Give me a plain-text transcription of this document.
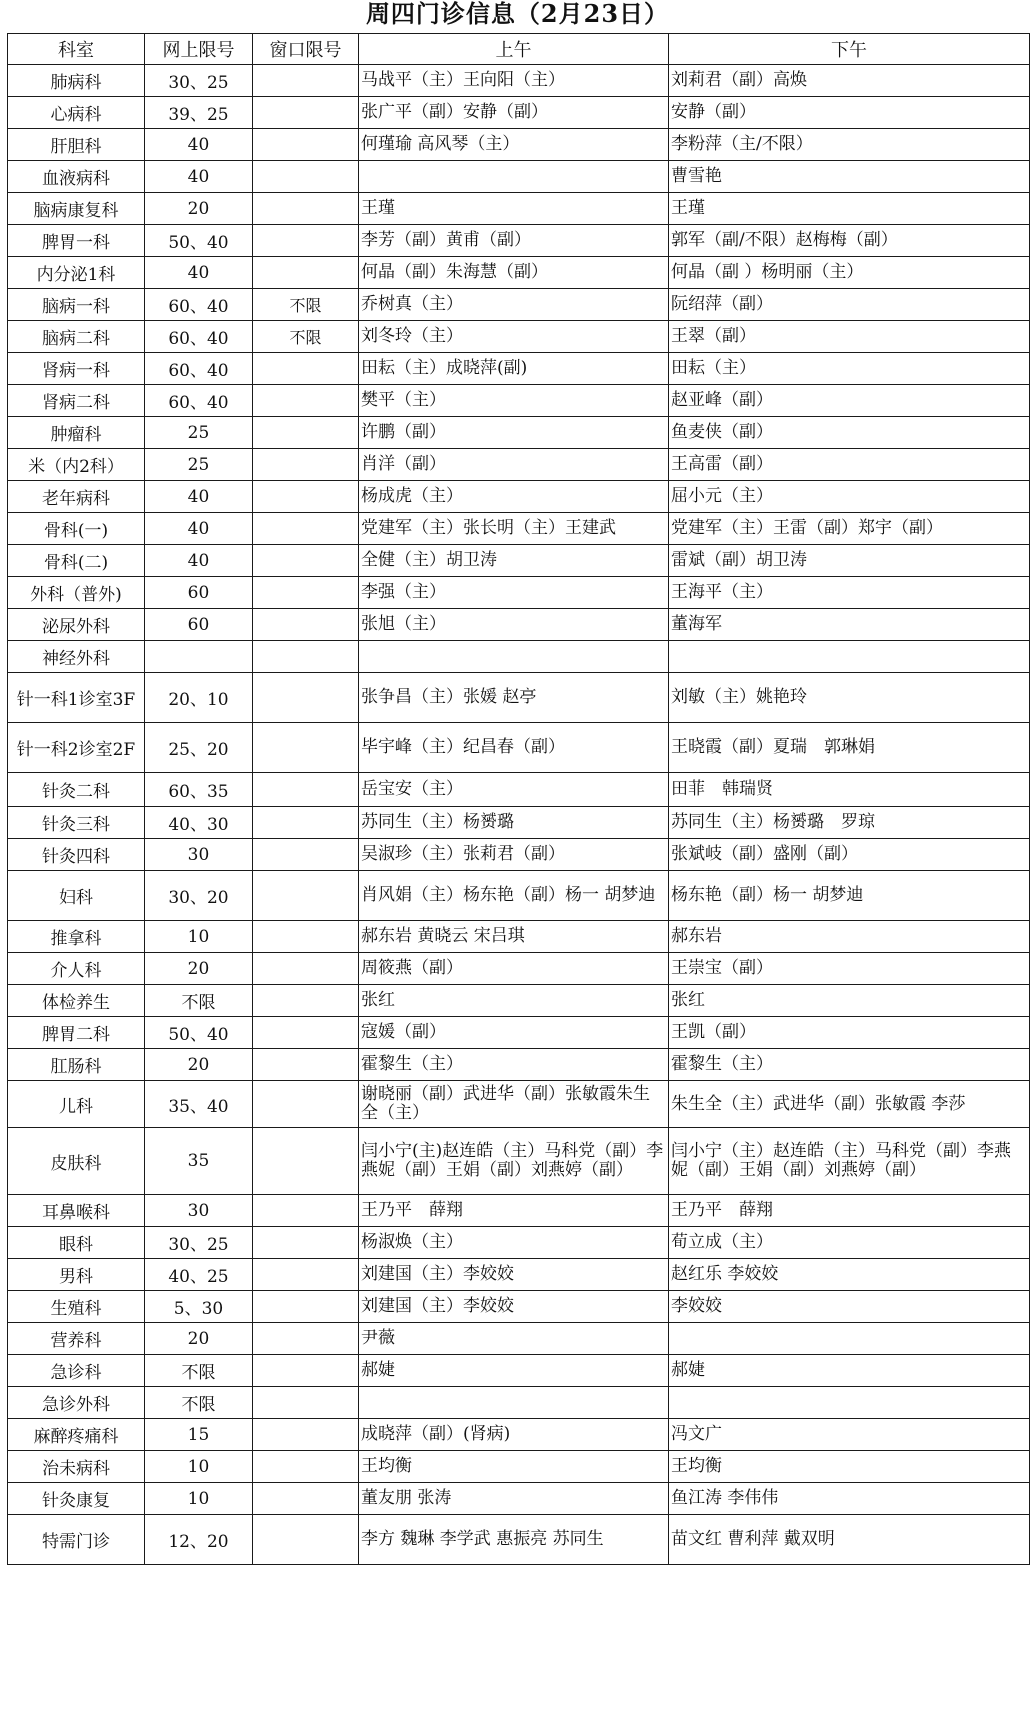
周四门诊信息（2月23日）
科室	网上限号	窗口限号	上午	下午
肺病科	30、25		马战平（主）王向阳（主）	刘莉君（副）高焕
心病科	39、25		张广平（副）安静（副）	安静（副）
肝胆科	40		何瑾瑜 高风琴（主）	李粉萍（主/不限）
血液病科	40			曹雪艳
脑病康复科	20		王瑾	王瑾
脾胃一科	50、40		李芳（副）黄甫（副）	郭军（副/不限）赵梅梅（副）
内分泌1科	40		何晶（副）朱海慧（副）	何晶（副 ）杨明丽（主）
脑病一科	60、40	不限	乔树真（主）	阮绍萍（副）
脑病二科	60、40	不限	刘冬玲（主）	王翠（副）
肾病一科	60、40		田耘（主）成晓萍(副)	田耘（主）
肾病二科	60、40		樊平（主）	赵亚峰（副）
肿瘤科	25		许鹏（副）	鱼麦侠（副）
米（内2科）	25		肖洋（副）	王高雷（副）
老年病科	40		杨成虎（主）	屈小元（主）
骨科(一)	40		党建军（主）张长明（主）王建武	党建军（主）王雷（副）郑宇（副）
骨科(二)	40		全健（主）胡卫涛	雷斌（副）胡卫涛
外科（普外)	60		李强（主）	王海平（主）
泌尿外科	60		张旭（主）	董海军
神经外科				
针一科1诊室3F	20、10		张争昌（主）张媛 赵亭	刘敏（主）姚艳玲
针一科2诊室2F	25、20		毕宇峰（主）纪昌春（副）	王晓霞（副）夏瑞　郭琳娟
针灸二科	60、35		岳宝安（主）	田菲　韩瑞贤
针灸三科	40、30		苏同生（主）杨赟璐	苏同生（主）杨赟璐　罗琼
针灸四科	30		吴淑珍（主）张莉君（副）	张斌岐（副）盛刚（副）
妇科	30、20		肖风娟（主）杨东艳（副）杨一 胡梦迪	杨东艳（副）杨一 胡梦迪
推拿科	10		郝东岩 黄晓云 宋吕琪	郝东岩
介人科	20		周筱燕（副）	王崇宝（副）
体检养生	不限		张红	张红
脾胃二科	50、40		寇媛（副）	王凯（副）
肛肠科	20		霍黎生（主）	霍黎生（主）
儿科	35、40		谢晓丽（副）武进华（副）张敏霞朱生全（主）	朱生全（主）武进华（副）张敏霞 李莎
皮肤科	35		闫小宁(主)赵连皓（主）马科党（副）李燕妮（副）王娟（副）刘燕婷（副）	闫小宁（主）赵连皓（主）马科党（副）李燕妮（副）王娟（副）刘燕婷（副）
耳鼻喉科	30		王乃平　薛翔	王乃平　薛翔
眼科	30、25		杨淑焕（主）	荀立成（主）
男科	40、25		刘建国（主）李姣姣	赵红乐 李姣姣
生殖科	5、30		刘建国（主）李姣姣	李姣姣
营养科	20		尹薇	
急诊科	不限		郝婕	郝婕
急诊外科	不限			
麻醉疼痛科	15		成晓萍（副）(肾病)	冯文广
治未病科	10		王均衡	王均衡
针灸康复	10		董友朋 张涛	鱼江涛 李伟伟
特需门诊	12、20		李方 魏琳 李学武 惠振亮 苏同生	苗文红 曹利萍 戴双明
